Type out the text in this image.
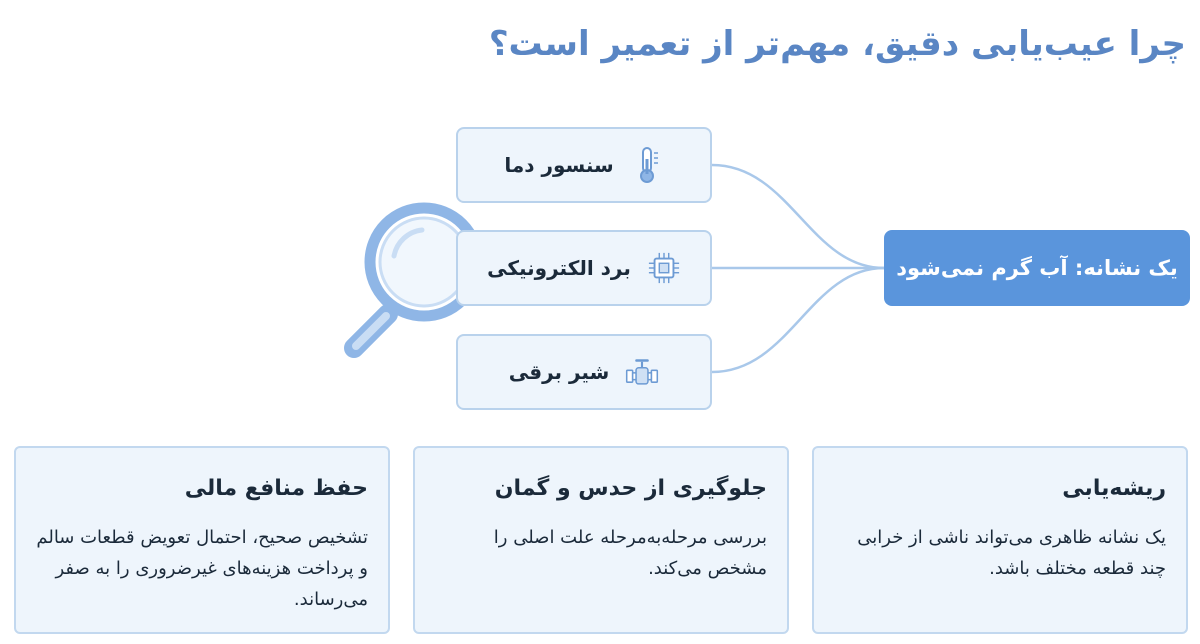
چرا عیب‌یابی دقیق، مهم‌تر از تعمیر است؟
سنسور دما
برد الکترونیکی
شیر برقی
یک نشانه: آب گرم نمی‌شود
ریشه‌یابی
یک نشانه ظاهری می‌تواند ناشی از خرابی چند قطعه مختلف باشد.
جلوگیری از حدس و گمان
بررسی مرحله‌به‌مرحله علت اصلی را مشخص می‌کند.
حفظ منافع مالی
تشخیص صحیح، احتمال تعویض قطعات سالم و پرداخت هزینه‌های غیرضروری را به صفر می‌رساند.
